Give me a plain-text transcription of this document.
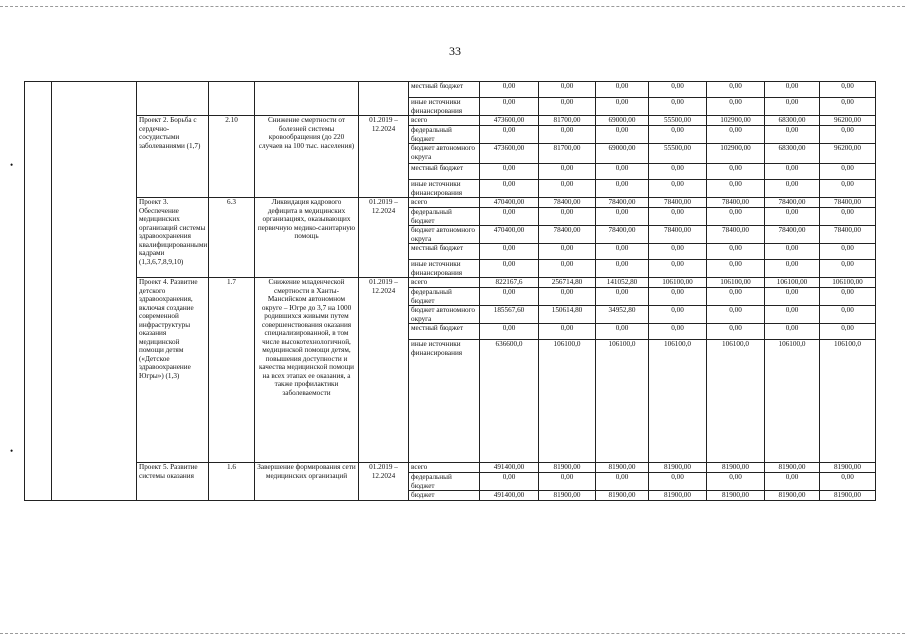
33
•
•
						местный бюджет	0,00	0,00	0,00	0,00	0,00	0,00	0,00
						иные источники финансирования	0,00	0,00	0,00	0,00	0,00	0,00	0,00
		Проект 2. Борьба с сердечно-сосудистыми заболеваниями (1,7)	2.10	Снижение смертности от болезней системы кровообращения (до 220 случаев на 100 тыс. населения)	01.2019 – 12.2024	всего	473600,00	81700,00	69000,00	55500,00	102900,00	68300,00	96200,00
						федеральный бюджет	0,00	0,00	0,00	0,00	0,00	0,00	0,00
						бюджет автономного округа	473600,00	81700,00	69000,00	55500,00	102900,00	68300,00	96200,00
						местный бюджет	0,00	0,00	0,00	0,00	0,00	0,00	0,00
						иные источники финансирования	0,00	0,00	0,00	0,00	0,00	0,00	0,00
		Проект 3. Обеспечение медицинских организаций системы здравоохранения квалифицированными кадрами (1,3,6,7,8,9,10)	6.3	Ликвидация кадрового дефицита в медицинских организациях, оказывающих первичную медико-санитарную помощь	01.2019 – 12.2024	всего	470400,00	78400,00	78400,00	78400,00	78400,00	78400,00	78400,00
						федеральный бюджет	0,00	0,00	0,00	0,00	0,00	0,00	0,00
						бюджет автономного округа	470400,00	78400,00	78400,00	78400,00	78400,00	78400,00	78400,00
						местный бюджет	0,00	0,00	0,00	0,00	0,00	0,00	0,00
						иные источники финансирования	0,00	0,00	0,00	0,00	0,00	0,00	0,00
		Проект 4. Развитие детского здравоохранения, включая создание современной инфраструктуры оказания медицинской помощи детям («Детское здравоохранение Югры») (1,3)	1.7	Снижение младенческой смертности в Ханты-Мансийском автономном округе – Югре до 3,7 на 1000 родившихся живыми путем совершенствования оказания специализированной, в том числе высокотехнологичной, медицинской помощи детям, повышения доступности и качества медицинской помощи на всех этапах ее оказания, а также профилактики заболеваемости	01.2019 – 12.2024	всего	822167,6	256714,80	141052,80	106100,00	106100,00	106100,00	106100,00
						федеральный бюджет	0,00	0,00	0,00	0,00	0,00	0,00	0,00
						бюджет автономного округа	185567,60	150614,80	34952,80	0,00	0,00	0,00	0,00
						местный бюджет	0,00	0,00	0,00	0,00	0,00	0,00	0,00
						иные источники финансирования	636600,0	106100,0	106100,0	106100,0	106100,0	106100,0	106100,0
		Проект 5. Развитие системы оказания	1.6	Завершение формирования сети медицинских организаций	01.2019 – 12.2024	всего	491400,00	81900,00	81900,00	81900,00	81900,00	81900,00	81900,00
						федеральный бюджет	0,00	0,00	0,00	0,00	0,00	0,00	0,00
						бюджет	491400,00	81900,00	81900,00	81900,00	81900,00	81900,00	81900,00
